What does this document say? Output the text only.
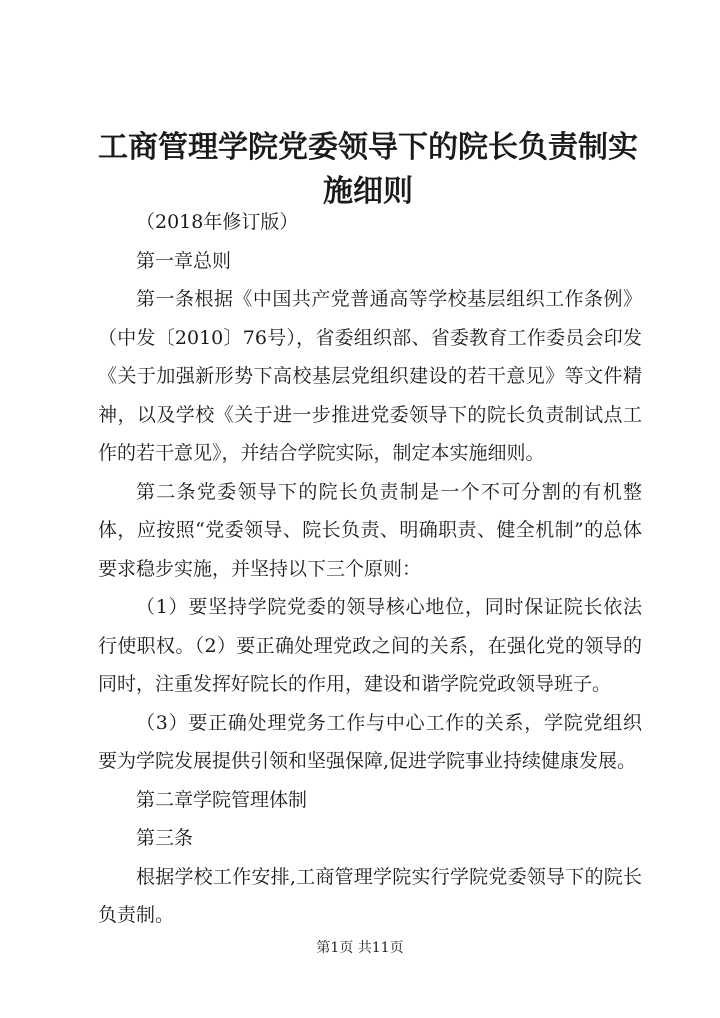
工商管理学院党委领导下的院长负责制实施细则

（2018年修订版）

第一章总则

第一条根据《中国共产党普通高等学校基层组织工作条例》（中发〔2010〕76号），省委组织部、省委教育工作委员会印发《关于加强新形势下高校基层党组织建设的若干意见》等文件精神，以及学校《关于进一步推进党委领导下的院长负责制试点工作的若干意见》，并结合学院实际，制定本实施细则。

第二条党委领导下的院长负责制是一个不可分割的有机整体，应按照“党委领导、院长负责、明确职责、健全机制”的总体要求稳步实施，并坚持以下三个原则：

（1）要坚持学院党委的领导核心地位，同时保证院长依法行使职权。（2）要正确处理党政之间的关系，在强化党的领导的同时，注重发挥好院长的作用，建设和谐学院党政领导班子。

（3）要正确处理党务工作与中心工作的关系，学院党组织要为学院发展提供引领和坚强保障,促进学院事业持续健康发展。

第二章学院管理体制

第三条

根据学校工作安排,工商管理学院实行学院党委领导下的院长负责制。

第1页 共11页
